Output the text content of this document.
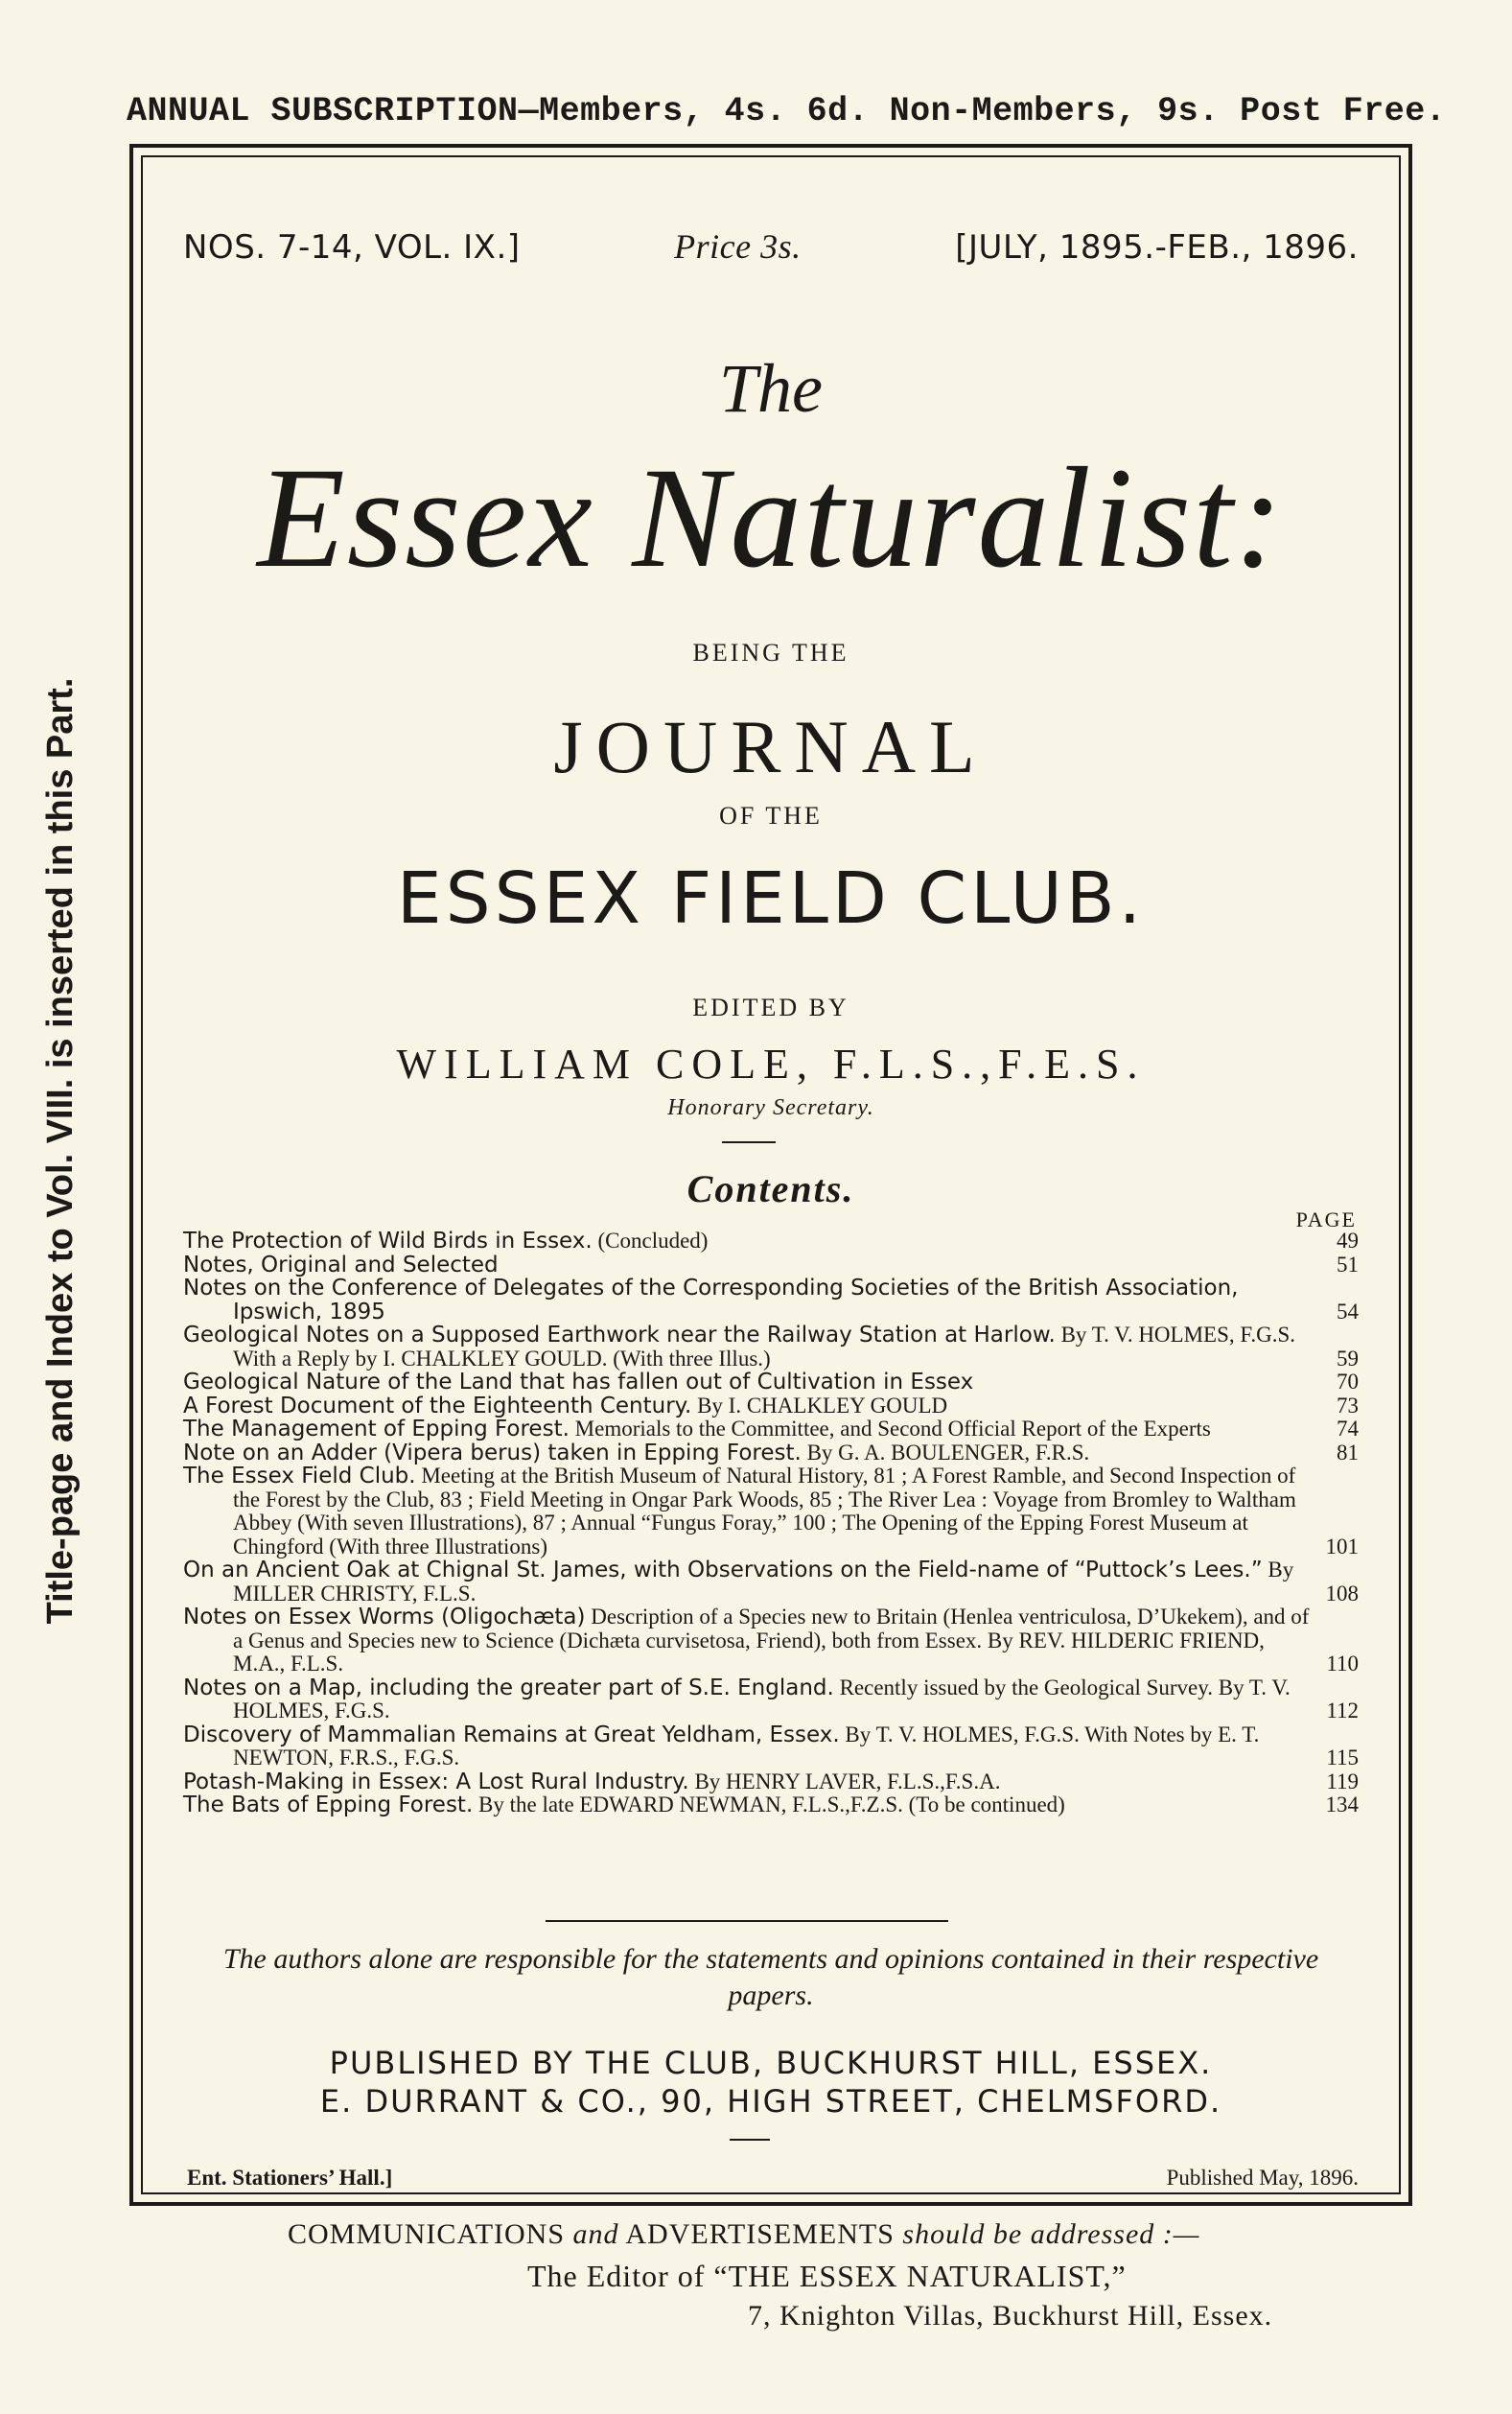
ANNUAL SUBSCRIPTION—Members, 4s. 6d. Non-Members, 9s. Post Free.
Title-page and Index to Vol. VIII. is inserted in this Part.
NOS. 7-14, VOL. IX.]	Price 3s.	[JULY, 1895.-FEB., 1896.
The
Essex Naturalist:
BEING THE
JOURNAL
OF THE
ESSEX FIELD CLUB.
EDITED BY
WILLIAM COLE, F.L.S.,F.E.S.
Honorary Secretary.
Contents.
PAGE
The Protection of Wild Birds in Essex. (Concluded)	49
Notes, Original and Selected	51
Notes on the Conference of Delegates of the Corresponding Societies of the British Association, Ipswich, 1895	54
Geological Notes on a Supposed Earthwork near the Railway Station at Harlow. By T. V. HOLMES, F.G.S. With a Reply by I. CHALKLEY GOULD. (With three Illus.)	59
Geological Nature of the Land that has fallen out of Cultivation in Essex	70
A Forest Document of the Eighteenth Century. By I. CHALKLEY GOULD	73
The Management of Epping Forest. Memorials to the Committee, and Second Official Report of the Experts	74
Note on an Adder (Vipera berus) taken in Epping Forest. By G. A. BOULENGER, F.R.S.	81
The Essex Field Club. Meeting at the British Museum of Natural History, 81 ; A Forest Ramble, and Second Inspection of the Forest by the Club, 83 ; Field Meeting in Ongar Park Woods, 85 ; The River Lea : Voyage from Bromley to Waltham Abbey (With seven Illustrations), 87 ; Annual “Fungus Foray,” 100 ; The Opening of the Epping Forest Museum at Chingford (With three Illustrations)	101
On an Ancient Oak at Chignal St. James, with Observations on the Field-name of “Puttock’s Lees.” By MILLER CHRISTY, F.L.S.	108
Notes on Essex Worms (Oligochæta) Description of a Species new to Britain (Henlea ventriculosa, D’Ukekem), and of a Genus and Species new to Science (Dichæta curvisetosa, Friend), both from Essex. By REV. HILDERIC FRIEND, M.A., F.L.S.	110
Notes on a Map, including the greater part of S.E. England. Recently issued by the Geological Survey. By T. V. HOLMES, F.G.S.	112
Discovery of Mammalian Remains at Great Yeldham, Essex. By T. V. HOLMES, F.G.S. With Notes by E. T. NEWTON, F.R.S., F.G.S.	115
Potash-Making in Essex: A Lost Rural Industry. By HENRY LAVER, F.L.S.,F.S.A.	119
The Bats of Epping Forest. By the late EDWARD NEWMAN, F.L.S.,F.Z.S. (To be continued)	134
The authors alone are responsible for the statements and opinions contained in their respective papers.
PUBLISHED BY THE CLUB, BUCKHURST HILL, ESSEX.
E. DURRANT & CO., 90, HIGH STREET, CHELMSFORD.
Ent. Stationers’ Hall.]	Published May, 1896.
COMMUNICATIONS and ADVERTISEMENTS should be addressed :—
The Editor of “THE ESSEX NATURALIST,”
7, Knighton Villas, Buckhurst Hill, Essex.
